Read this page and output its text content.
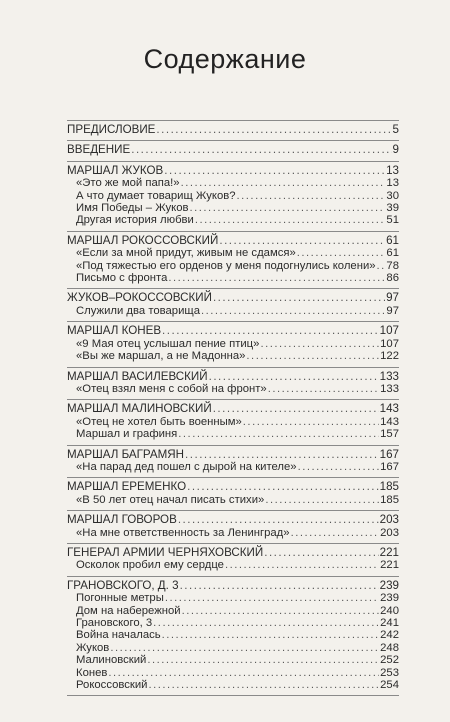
Содержание
ПРЕДИСЛОВИЕ .....	5
ВВЕДЕНИЕ .....	9
МАРШАЛ ЖУКОВ .....	13
«Это же мой папа!» .....	13
А что думает товарищ Жуков? .....	30
Имя Победы – Жуков .....	39
Другая история любви .....	51
МАРШАЛ РОКОССОВСКИЙ .....	61
«Если за мной придут, живым не сдамся» .....	61
«Под тяжестью его орденов у меня подогнулись колени» ..... 78
Письмо с фронта .....	86
ЖУКОВ–РОКОССОВСКИЙ .....	97
Служили два товарища .....	97
МАРШАЛ КОНЕВ .....	107
«9 Мая отец услышал пение птиц» .....	107
«Вы же маршал, а не Мадонна» .....	122
МАРШАЛ ВАСИЛЕВСКИЙ .....	133
«Отец взял меня с собой на фронт» .....	133
МАРШАЛ МАЛИНОВСКИЙ .....	143
«Отец не хотел быть военным» .....	143
Маршал и графиня .....	157
МАРШАЛ БАГРАМЯН .....	167
«На парад дед пошел с дырой на кителе» .....	167
МАРШАЛ ЕРЕМЕНКО .....	185
«В 50 лет отец начал писать стихи» .....	185
МАРШАЛ ГОВОРОВ .....	203
«На мне ответственность за Ленинград» .....	203
ГЕНЕРАЛ АРМИИ ЧЕРНЯХОВСКИЙ .....	221
Осколок пробил ему сердце .....	221
ГРАНОВСКОГО, Д. 3 .....	239
Погонные метры .....	239
Дом на набережной .....	240
Грановского, 3 .....	241
Война началась .....	242
Жуков .....	248
Малиновский .....	252
Конев .....	253
Рокоссовский .....	254
